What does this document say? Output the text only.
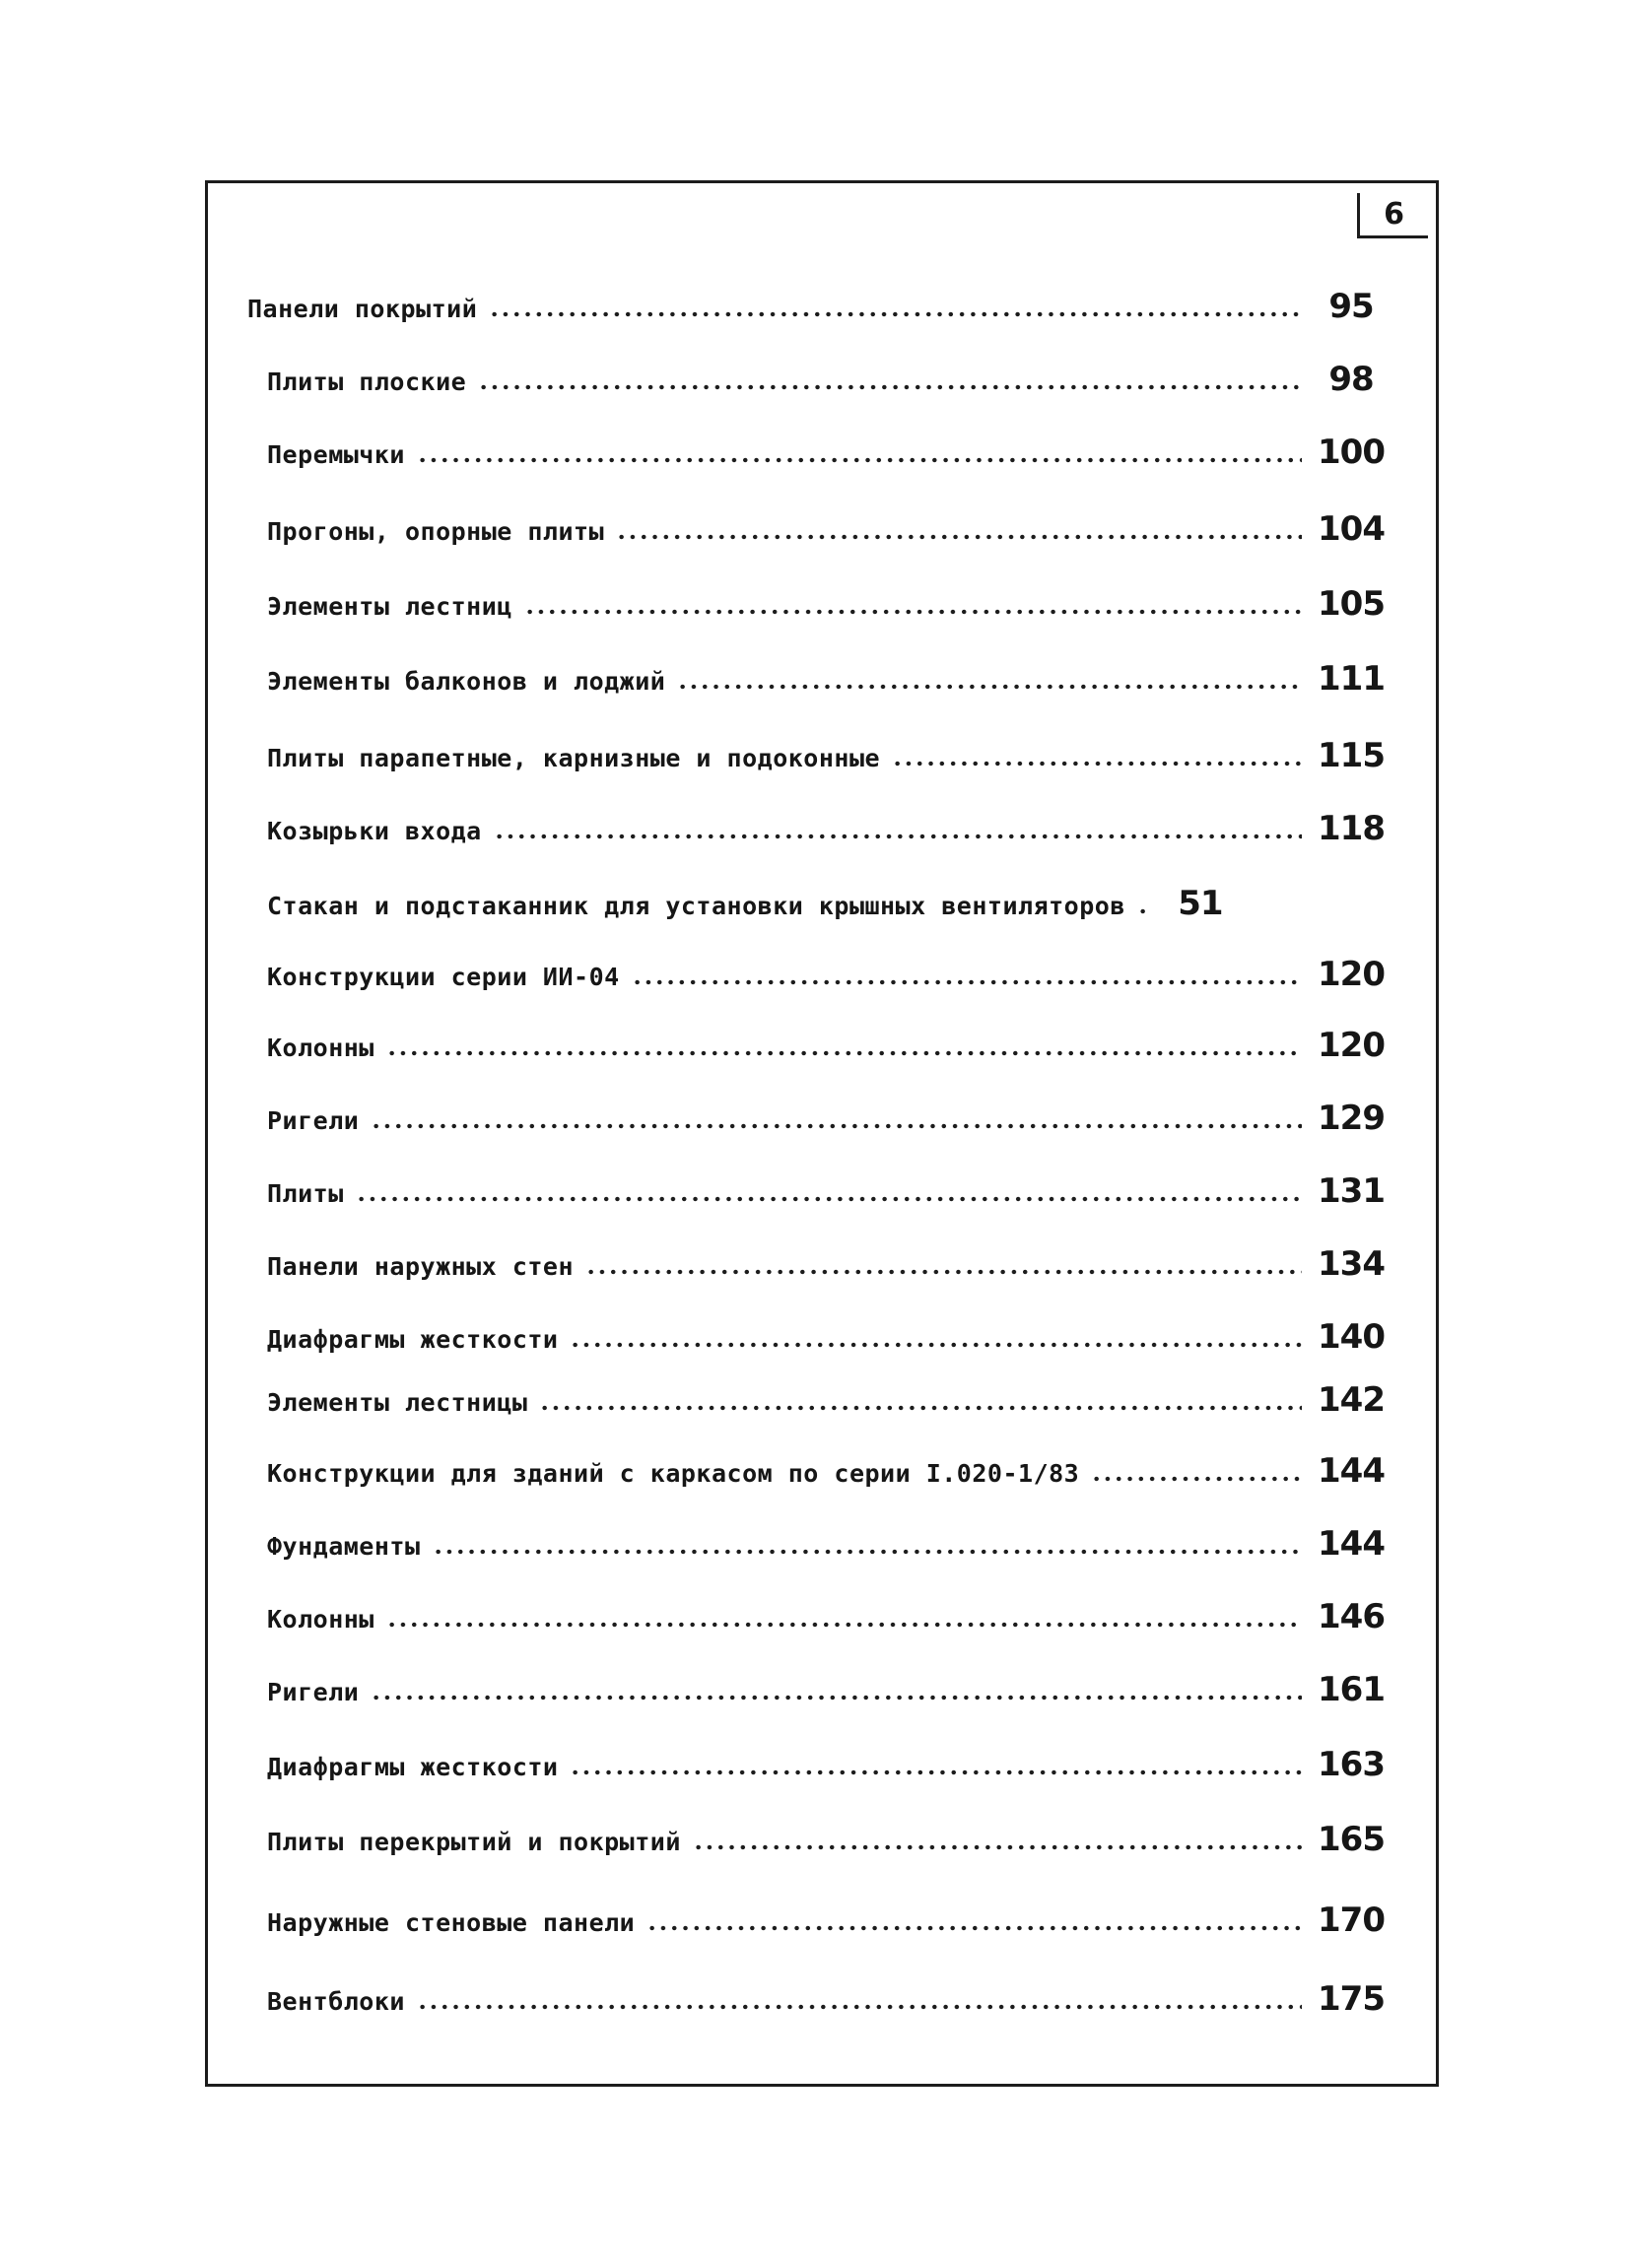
6
Панели покрытий	95
Плиты плоские	98
Перемычки	100
Прогоны, опорные плиты	104
Элементы лестниц	105
Элементы балконов и лоджий	111
Плиты парапетные, карнизные и подоконные	115
Козырьки входа	118
Стакан и подстаканник для установки крышных вентиляторов	51
Конструкции серии ИИ-04	120
Колонны	120
Ригели	129
Плиты	131
Панели наружных стен	134
Диафрагмы жесткости	140
Элементы лестницы	142
Конструкции для зданий с каркасом по серии I.020-1/83	144
Фундаменты	144
Колонны	146
Ригели	161
Диафрагмы жесткости	163
Плиты перекрытий и покрытий	165
Наружные стеновые панели	170
Вентблоки	175
